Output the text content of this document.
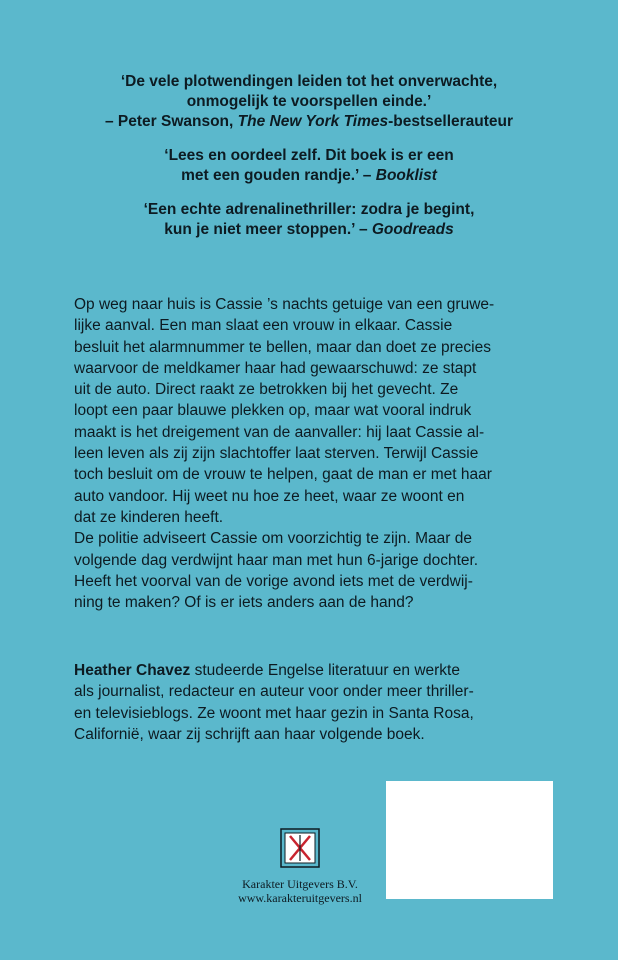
‘De vele plotwendingen leiden tot het onverwachte,

onmogelijk te voorspellen einde.’

– Peter Swanson, The New York Times-bestsellerauteur

‘Lees en oordeel zelf. Dit boek is er een

met een gouden randje.’ – Booklist

‘Een echte adrenalinethriller: zodra je begint,

kun je niet meer stoppen.’ – Goodreads

Op weg naar huis is Cassie ’s nachts getuige van een gruwe-

lijke aanval. Een man slaat een vrouw in elkaar. Cassie

besluit het alarmnummer te bellen, maar dan doet ze precies

waarvoor de meldkamer haar had gewaarschuwd: ze stapt

uit de auto. Direct raakt ze betrokken bij het gevecht. Ze

loopt een paar blauwe plekken op, maar wat vooral indruk

maakt is het dreigement van de aanvaller: hij laat Cassie al-

leen leven als zij zijn slachtoffer laat sterven. Terwijl Cassie

toch besluit om de vrouw te helpen, gaat de man er met haar

auto vandoor. Hij weet nu hoe ze heet, waar ze woont en

dat ze kinderen heeft.

De politie adviseert Cassie om voorzichtig te zijn. Maar de

volgende dag verdwijnt haar man met hun 6-jarige dochter.

Heeft het voorval van de vorige avond iets met de verdwij-

ning te maken? Of is er iets anders aan de hand?

Heather Chavez studeerde Engelse literatuur en werkte

als journalist, redacteur en auteur voor onder meer thriller-

en televisieblogs. Ze woont met haar gezin in Santa Rosa,

Californië, waar zij schrijft aan haar volgende boek.

Karakter Uitgevers B.V.
www.karakteruitgevers.nl
